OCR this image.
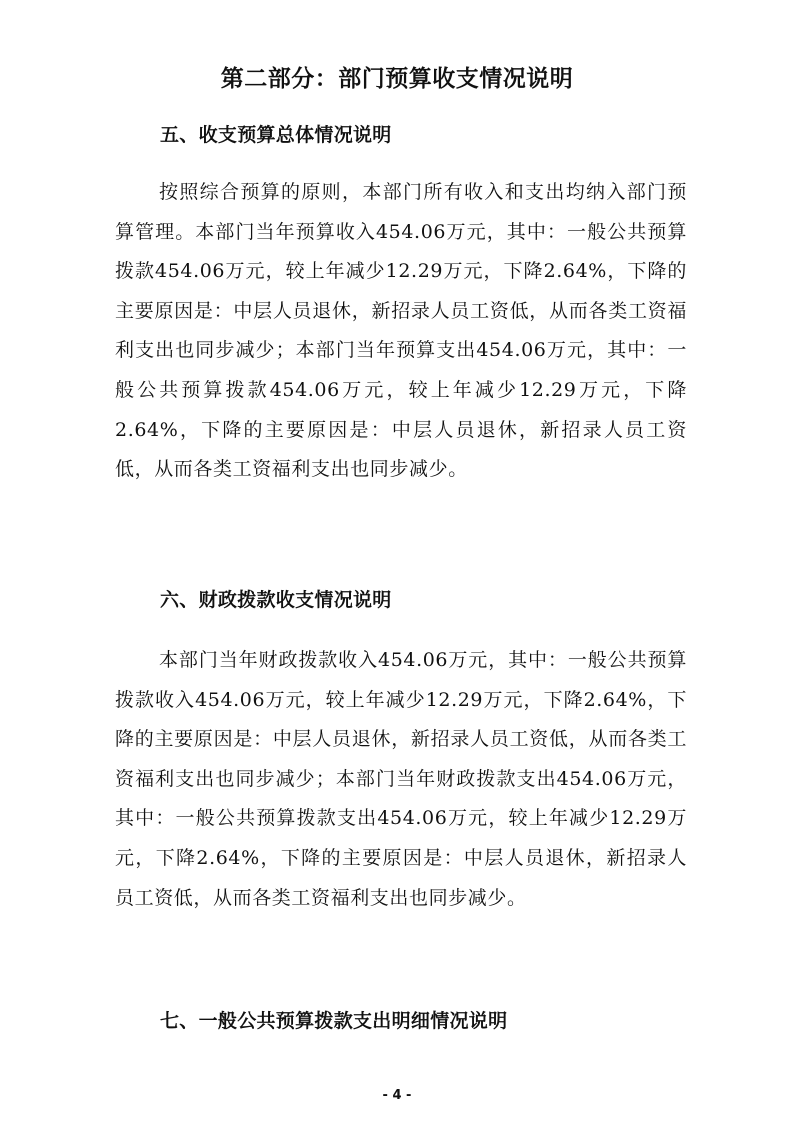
第二部分：部门预算收支情况说明
五、收支预算总体情况说明

按照综合预算的原则，本部门所有收入和支出均纳入部门预算管理。本部门当年预算收入454.06万元，其中：一般公共预算拨款454.06万元，较上年减少12.29万元，下降2.64%，下降的主要原因是：中层人员退休，新招录人员工资低，从而各类工资福利支出也同步减少；本部门当年预算支出454.06万元，其中：一般公共预算拨款454.06万元，较上年减少12.29万元，下降2.64%，下降的主要原因是：中层人员退休，新招录人员工资低，从而各类工资福利支出也同步减少。

六、财政拨款收支情况说明

本部门当年财政拨款收入454.06万元，其中：一般公共预算拨款收入454.06万元，较上年减少12.29万元，下降2.64%，下降的主要原因是：中层人员退休，新招录人员工资低，从而各类工资福利支出也同步减少；本部门当年财政拨款支出454.06万元，其中：一般公共预算拨款支出454.06万元，较上年减少12.29万元，下降2.64%，下降的主要原因是：中层人员退休，新招录人员工资低，从而各类工资福利支出也同步减少。

七、一般公共预算拨款支出明细情况说明
- 4 -
